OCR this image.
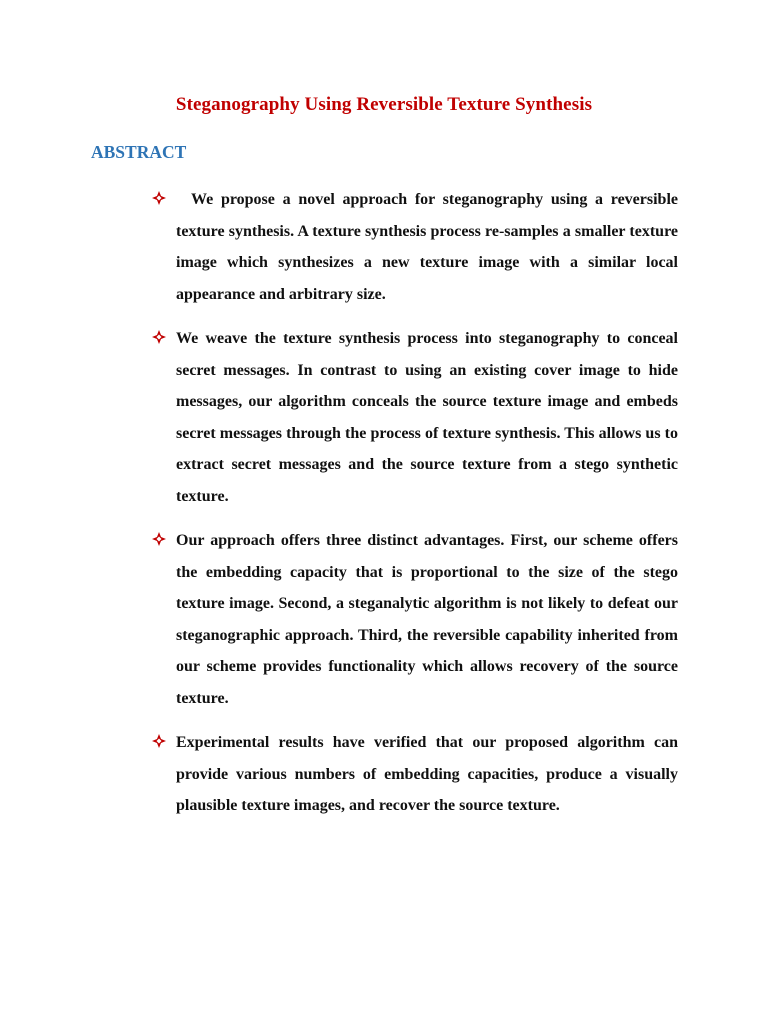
Steganography Using Reversible Texture Synthesis
ABSTRACT
We propose a novel approach for steganography using a reversible texture synthesis. A texture synthesis process re-samples a smaller texture image which synthesizes a new texture image with a similar local appearance and arbitrary size.
We weave the texture synthesis process into steganography to conceal secret messages. In contrast to using an existing cover image to hide messages, our algorithm conceals the source texture image and embeds secret messages through the process of texture synthesis. This allows us to extract secret messages and the source texture from a stego synthetic texture.
Our approach offers three distinct advantages. First, our scheme offers the embedding capacity that is proportional to the size of the stego texture image. Second, a steganalytic algorithm is not likely to defeat our steganographic approach. Third, the reversible capability inherited from our scheme provides functionality which allows recovery of the source texture.
Experimental results have verified that our proposed algorithm can provide various numbers of embedding capacities, produce a visually plausible texture images, and recover the source texture.
